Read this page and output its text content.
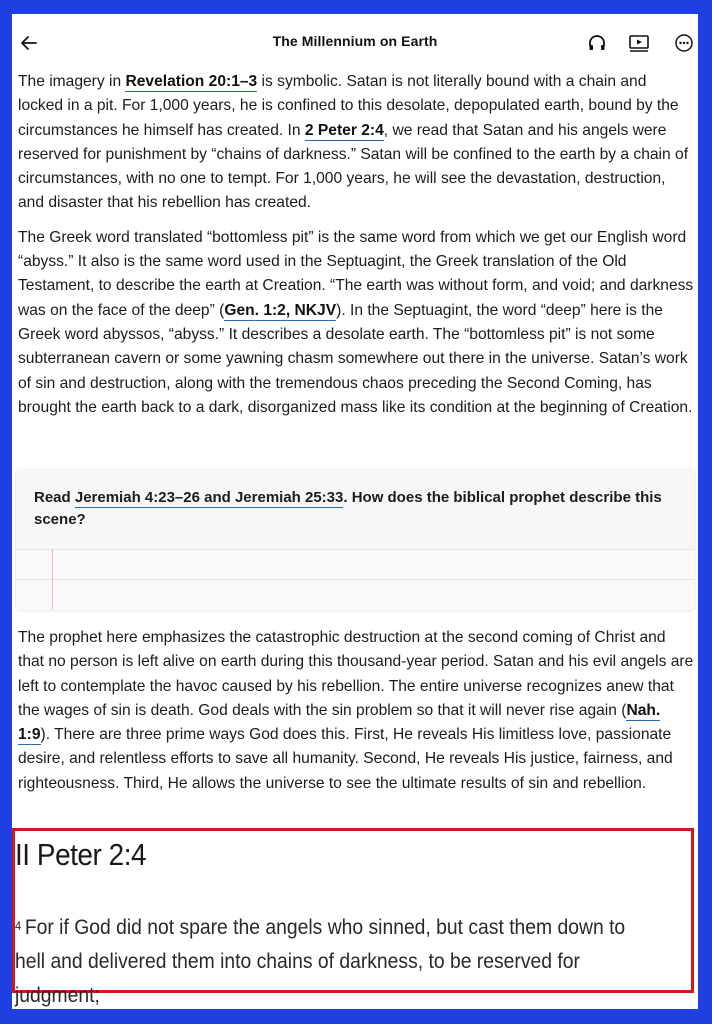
The Millennium on Earth

The imagery in Revelation 20:1–3 is symbolic. Satan is not literally bound with a chain and locked in a pit. For 1,000 years, he is confined to this desolate, depopulated earth, bound by the circumstances he himself has created. In 2 Peter 2:4, we read that Satan and his angels were reserved for punishment by “chains of darkness.” Satan will be confined to the earth by a chain of circumstances, with no one to tempt. For 1,000 years, he will see the devastation, destruction, and disaster that his rebellion has created.

The Greek word translated “bottomless pit” is the same word from which we get our English word “abyss.” It also is the same word used in the Septuagint, the Greek translation of the Old Testament, to describe the earth at Creation. “The earth was without form, and void; and darkness was on the face of the deep” (Gen. 1:2, NKJV). In the Septuagint, the word “deep” here is the Greek word abyssos, “abyss.” It describes a desolate earth. The “bottomless pit” is not some subterranean cavern or some yawning chasm somewhere out there in the universe. Satan’s work of sin and destruction, along with the tremendous chaos preceding the Second Coming, has brought the earth back to a dark, disorganized mass like its condition at the beginning of Creation.

Read Jeremiah 4:23–26 and Jeremiah 25:33. How does the biblical prophet describe this scene?

The prophet here emphasizes the catastrophic destruction at the second coming of Christ and that no person is left alive on earth during this thousand-year period. Satan and his evil angels are left to contemplate the havoc caused by his rebellion. The entire universe recognizes anew that the wages of sin is death. God deals with the sin problem so that it will never rise again (Nah. 1:9). There are three prime ways God does this. First, He reveals His limitless love, passionate desire, and relentless efforts to save all humanity. Second, He reveals His justice, fairness, and righteousness. Third, He allows the universe to see the ultimate results of sin and rebellion.

II Peter 2:4
$^4$ For if God did not spare the angels who sinned, but cast them down to hell and delivered them into chains of darkness, to be reserved for judgment;
